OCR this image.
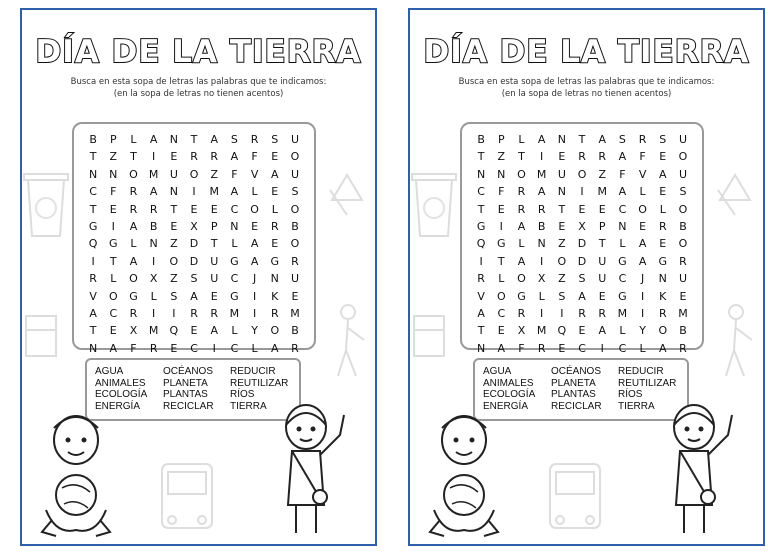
DÍA DE LA TIERRA
Busca en esta sopa de letras las palabras que te indicamos:
(en la sopa de letras no tienen acentos)
B	P	L	A	N	T	A	S	R	S	U
T	Z	T	I	E	R	R	A	F	E	O
N	N	O	M	U	O	Z	F	V	A	U
C	F	R	A	N	I	M	A	L	E	S
T	E	R	R	T	E	E	C	O	L	O
G	I	A	B	E	X	P	N	E	R	B
Q	G	L	N	Z	D	T	L	A	E	O
I	T	A	I	O	D	U	G	A	G	R
R	L	O	X	Z	S	U	C	J	N	U
V	O	G	L	S	A	E	G	I	K	E
A	C	R	I	I	R	R	M	I	R	M
T	E	X	M	Q	E	A	L	Y	O	B
N	A	F	R	E	C	I	C	L	A	R
AGUA
ANIMALES
ECOLOGÍA
ENERGÍA
OCÉANOS
PLANETA
PLANTAS
RECICLAR
REDUCIR
REUTILIZAR
RÍOS
TIERRA
DÍA DE LA TIERRA
Busca en esta sopa de letras las palabras que te indicamos:
(en la sopa de letras no tienen acentos)
B	P	L	A	N	T	A	S	R	S	U
T	Z	T	I	E	R	R	A	F	E	O
N	N	O	M	U	O	Z	F	V	A	U
C	F	R	A	N	I	M	A	L	E	S
T	E	R	R	T	E	E	C	O	L	O
G	I	A	B	E	X	P	N	E	R	B
Q	G	L	N	Z	D	T	L	A	E	O
I	T	A	I	O	D	U	G	A	G	R
R	L	O	X	Z	S	U	C	J	N	U
V	O	G	L	S	A	E	G	I	K	E
A	C	R	I	I	R	R	M	I	R	M
T	E	X	M	Q	E	A	L	Y	O	B
N	A	F	R	E	C	I	C	L	A	R
AGUA
ANIMALES
ECOLOGÍA
ENERGÍA
OCÉANOS
PLANETA
PLANTAS
RECICLAR
REDUCIR
REUTILIZAR
RÍOS
TIERRA
